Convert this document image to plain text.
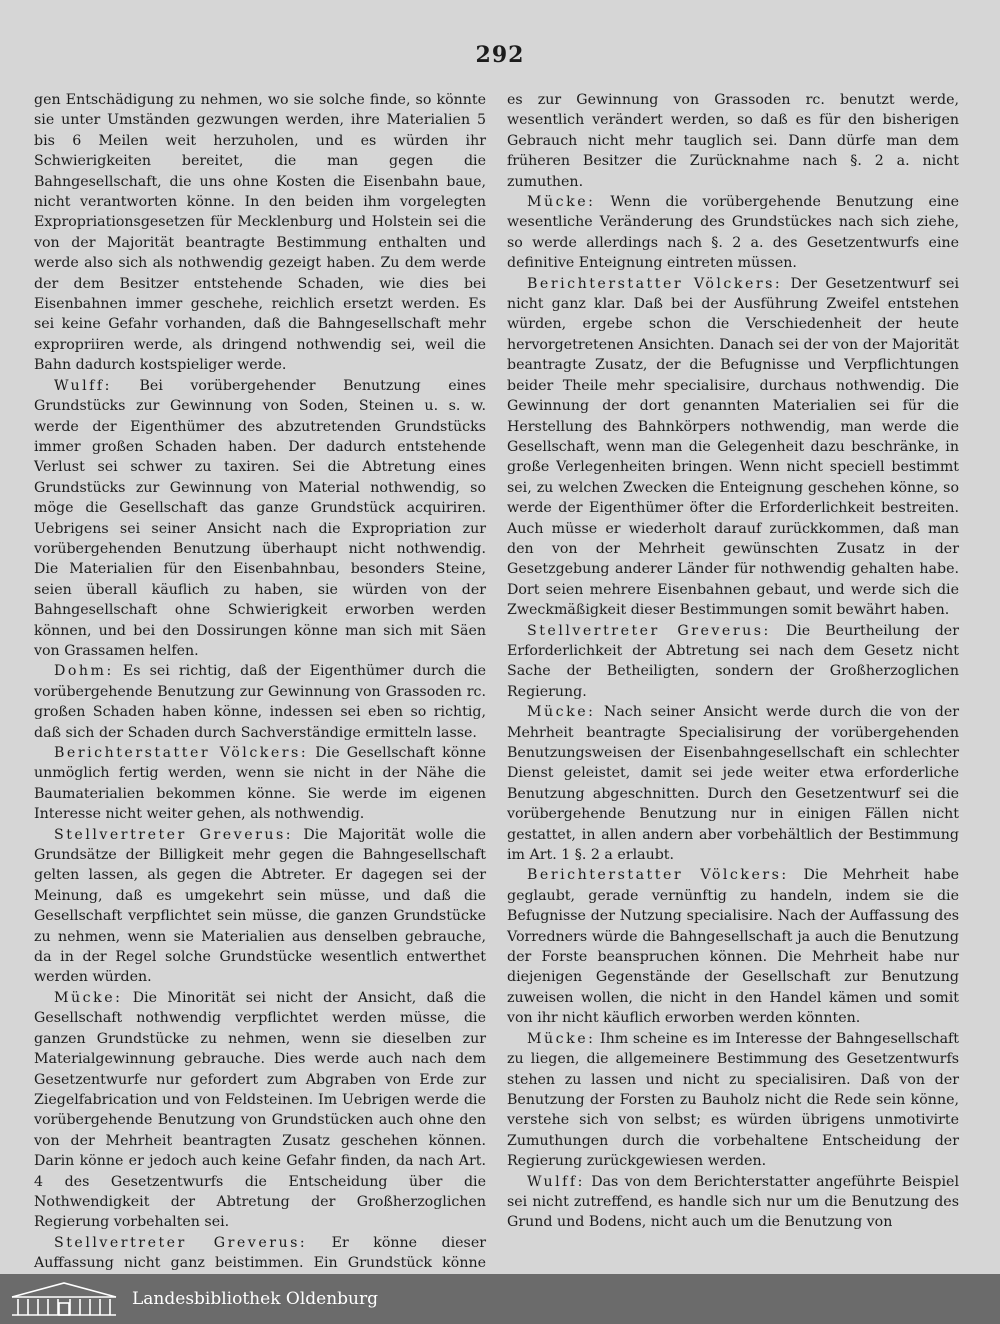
292

gen Entschädigung zu nehmen, wo sie solche finde, so könnte sie unter Umständen gezwungen werden, ihre Materialien 5 bis 6 Meilen weit herzuholen, und es würden ihr Schwierigkeiten bereitet, die man gegen die Bahngesellschaft, die uns ohne Kosten die Eisenbahn baue, nicht verantworten könne. In den beiden ihm vorgelegten Expropriationsgesetzen für Mecklenburg und Holstein sei die von der Majorität beantragte Bestimmung enthalten und werde also sich als nothwendig gezeigt haben. Zu dem werde der dem Besitzer entstehende Schaden, wie dies bei Eisenbahnen immer geschehe, reichlich ersetzt werden. Es sei keine Gefahr vorhanden, daß die Bahngesellschaft mehr expropriiren werde, als dringend nothwendig sei, weil die Bahn dadurch kostspieliger werde.

Wulff: Bei vorübergehender Benutzung eines Grundstücks zur Gewinnung von Soden, Steinen u. s. w. werde der Eigenthümer des abzutretenden Grundstücks immer großen Schaden haben. Der dadurch entstehende Verlust sei schwer zu taxiren. Sei die Abtretung eines Grundstücks zur Gewinnung von Material nothwendig, so möge die Gesellschaft das ganze Grundstück acquiriren. Uebrigens sei seiner Ansicht nach die Expropriation zur vorübergehenden Benutzung überhaupt nicht nothwendig. Die Materialien für den Eisenbahnbau, besonders Steine, seien überall käuflich zu haben, sie würden von der Bahngesellschaft ohne Schwierigkeit erworben werden können, und bei den Dossirungen könne man sich mit Säen von Grassamen helfen.

Dohm: Es sei richtig, daß der Eigenthümer durch die vorübergehende Benutzung zur Gewinnung von Grassoden rc. großen Schaden haben könne, indessen sei eben so richtig, daß sich der Schaden durch Sachverständige ermitteln lasse.

Berichterstatter Völckers: Die Gesellschaft könne unmöglich fertig werden, wenn sie nicht in der Nähe die Baumaterialien bekommen könne. Sie werde im eigenen Interesse nicht weiter gehen, als nothwendig.

Stellvertreter Greverus: Die Majorität wolle die Grundsätze der Billigkeit mehr gegen die Bahngesellschaft gelten lassen, als gegen die Abtreter. Er dagegen sei der Meinung, daß es umgekehrt sein müsse, und daß die Gesellschaft verpflichtet sein müsse, die ganzen Grundstücke zu nehmen, wenn sie Materialien aus denselben gebrauche, da in der Regel solche Grundstücke wesentlich entwerthet werden würden.

Mücke: Die Minorität sei nicht der Ansicht, daß die Gesellschaft nothwendig verpflichtet werden müsse, die ganzen Grundstücke zu nehmen, wenn sie dieselben zur Materialgewinnung gebrauche. Dies werde auch nach dem Gesetzentwurfe nur gefordert zum Abgraben von Erde zur Ziegelfabrication und von Feldsteinen. Im Uebrigen werde die vorübergehende Benutzung von Grundstücken auch ohne den von der Mehrheit beantragten Zusatz geschehen können. Darin könne er jedoch auch keine Gefahr finden, da nach Art. 4 des Gesetzentwurfs die Entscheidung über die Nothwendigkeit der Abtretung der Großherzoglichen Regierung vorbehalten sei.

Stellvertreter Greverus: Er könne dieser Auffassung nicht ganz beistimmen. Ein Grundstück könne

es zur Gewinnung von Grassoden rc. benutzt werde, wesentlich verändert werden, so daß es für den bisherigen Gebrauch nicht mehr tauglich sei. Dann dürfe man dem früheren Besitzer die Zurücknahme nach §. 2 a. nicht zumuthen.

Mücke: Wenn die vorübergehende Benutzung eine wesentliche Veränderung des Grundstückes nach sich ziehe, so werde allerdings nach §. 2 a. des Gesetzentwurfs eine definitive Enteignung eintreten müssen.

Berichterstatter Völckers: Der Gesetzentwurf sei nicht ganz klar. Daß bei der Ausführung Zweifel entstehen würden, ergebe schon die Verschiedenheit der heute hervorgetretenen Ansichten. Danach sei der von der Majorität beantragte Zusatz, der die Befugnisse und Verpflichtungen beider Theile mehr specialisire, durchaus nothwendig. Die Gewinnung der dort genannten Materialien sei für die Herstellung des Bahnkörpers nothwendig, man werde die Gesellschaft, wenn man die Gelegenheit dazu beschränke, in große Verlegenheiten bringen. Wenn nicht speciell bestimmt sei, zu welchen Zwecken die Enteignung geschehen könne, so werde der Eigenthümer öfter die Erforderlichkeit bestreiten. Auch müsse er wiederholt darauf zurückkommen, daß man den von der Mehrheit gewünschten Zusatz in der Gesetzgebung anderer Länder für nothwendig gehalten habe. Dort seien mehrere Eisenbahnen gebaut, und werde sich die Zweckmäßigkeit dieser Bestimmungen somit bewährt haben.

Stellvertreter Greverus: Die Beurtheilung der Erforderlichkeit der Abtretung sei nach dem Gesetz nicht Sache der Betheiligten, sondern der Großherzoglichen Regierung.

Mücke: Nach seiner Ansicht werde durch die von der Mehrheit beantragte Specialisirung der vorübergehenden Benutzungsweisen der Eisenbahngesellschaft ein schlechter Dienst geleistet, damit sei jede weiter etwa erforderliche Benutzung abgeschnitten. Durch den Gesetzentwurf sei die vorübergehende Benutzung nur in einigen Fällen nicht gestattet, in allen andern aber vorbehältlich der Bestimmung im Art. 1 §. 2 a erlaubt.

Berichterstatter Völckers: Die Mehrheit habe geglaubt, gerade vernünftig zu handeln, indem sie die Befugnisse der Nutzung specialisire. Nach der Auffassung des Vorredners würde die Bahngesellschaft ja auch die Benutzung der Forste beanspruchen können. Die Mehrheit habe nur diejenigen Gegenstände der Gesellschaft zur Benutzung zuweisen wollen, die nicht in den Handel kämen und somit von ihr nicht käuflich erworben werden könnten.

Mücke: Ihm scheine es im Interesse der Bahngesellschaft zu liegen, die allgemeinere Bestimmung des Gesetzentwurfs stehen zu lassen und nicht zu specialisiren. Daß von der Benutzung der Forsten zu Bauholz nicht die Rede sein könne, verstehe sich von selbst; es würden übrigens unmotivirte Zumuthungen durch die vorbehaltene Entscheidung der Regierung zurückgewiesen werden.

Wulff: Das von dem Berichterstatter angeführte Beispiel sei nicht zutreffend, es handle sich nur um die Benutzung des Grund und Bodens, nicht auch um die Benutzung von

Landesbibliothek Oldenburg
